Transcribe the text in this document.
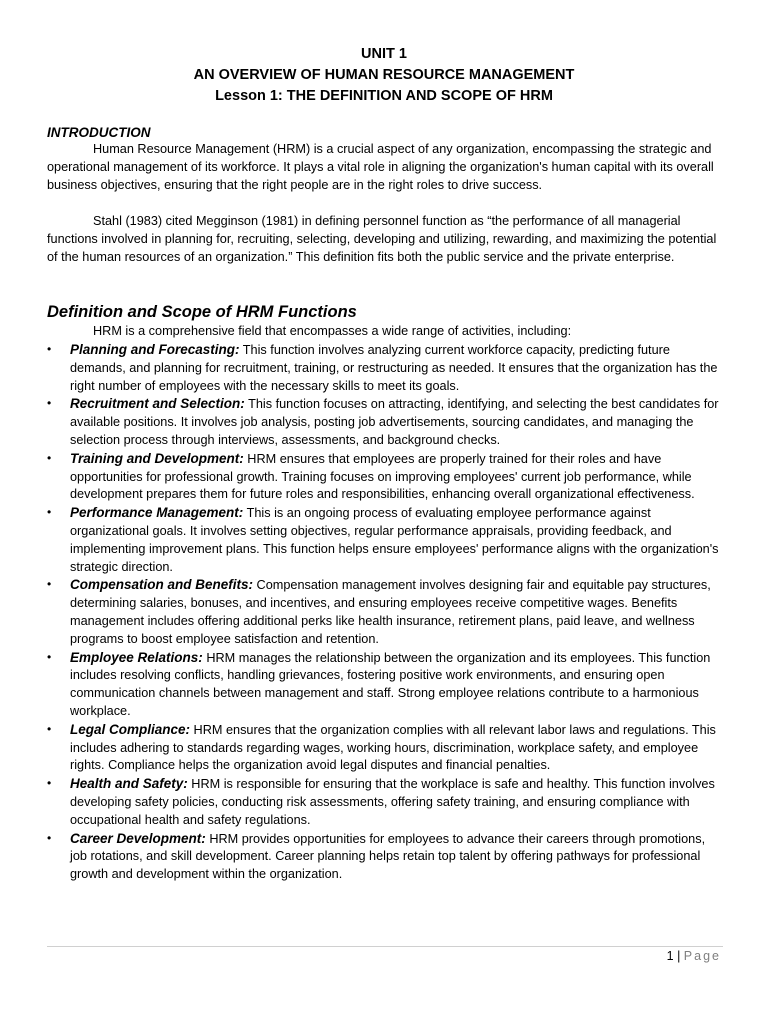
UNIT 1
AN OVERVIEW OF HUMAN RESOURCE MANAGEMENT
Lesson 1: THE DEFINITION AND SCOPE OF HRM
INTRODUCTION

Human Resource Management (HRM) is a crucial aspect of any organization, encompassing the strategic and operational management of its workforce. It plays a vital role in aligning the organization's human capital with its overall business objectives, ensuring that the right people are in the right roles to drive success.

Stahl (1983) cited Megginson (1981) in defining personnel function as “the performance of all managerial functions involved in planning for, recruiting, selecting, developing and utilizing, rewarding, and maximizing the potential of the human resources of an organization.” This definition fits both the public service and the private enterprise.

Definition and Scope of HRM Functions
HRM is a comprehensive field that encompasses a wide range of activities, including:
• Planning and Forecasting: This function involves analyzing current workforce capacity, predicting future demands, and planning for recruitment, training, or restructuring as needed. It ensures that the organization has the right number of employees with the necessary skills to meet its goals.
• Recruitment and Selection: This function focuses on attracting, identifying, and selecting the best candidates for available positions. It involves job analysis, posting job advertisements, sourcing candidates, and managing the selection process through interviews, assessments, and background checks.
• Training and Development: HRM ensures that employees are properly trained for their roles and have opportunities for professional growth. Training focuses on improving employees' current job performance, while development prepares them for future roles and responsibilities, enhancing overall organizational effectiveness.
• Performance Management: This is an ongoing process of evaluating employee performance against organizational goals. It involves setting objectives, regular performance appraisals, providing feedback, and implementing improvement plans. This function helps ensure employees' performance aligns with the organization's strategic direction.
• Compensation and Benefits: Compensation management involves designing fair and equitable pay structures, determining salaries, bonuses, and incentives, and ensuring employees receive competitive wages. Benefits management includes offering additional perks like health insurance, retirement plans, paid leave, and wellness programs to boost employee satisfaction and retention.
• Employee Relations: HRM manages the relationship between the organization and its employees. This function includes resolving conflicts, handling grievances, fostering positive work environments, and ensuring open communication channels between management and staff. Strong employee relations contribute to a harmonious workplace.
• Legal Compliance: HRM ensures that the organization complies with all relevant labor laws and regulations. This includes adhering to standards regarding wages, working hours, discrimination, workplace safety, and employee rights. Compliance helps the organization avoid legal disputes and financial penalties.
• Health and Safety: HRM is responsible for ensuring that the workplace is safe and healthy. This function involves developing safety policies, conducting risk assessments, offering safety training, and ensuring compliance with occupational health and safety regulations.
• Career Development: HRM provides opportunities for employees to advance their careers through promotions, job rotations, and skill development. Career planning helps retain top talent by offering pathways for professional growth and development within the organization.
1 | Page
